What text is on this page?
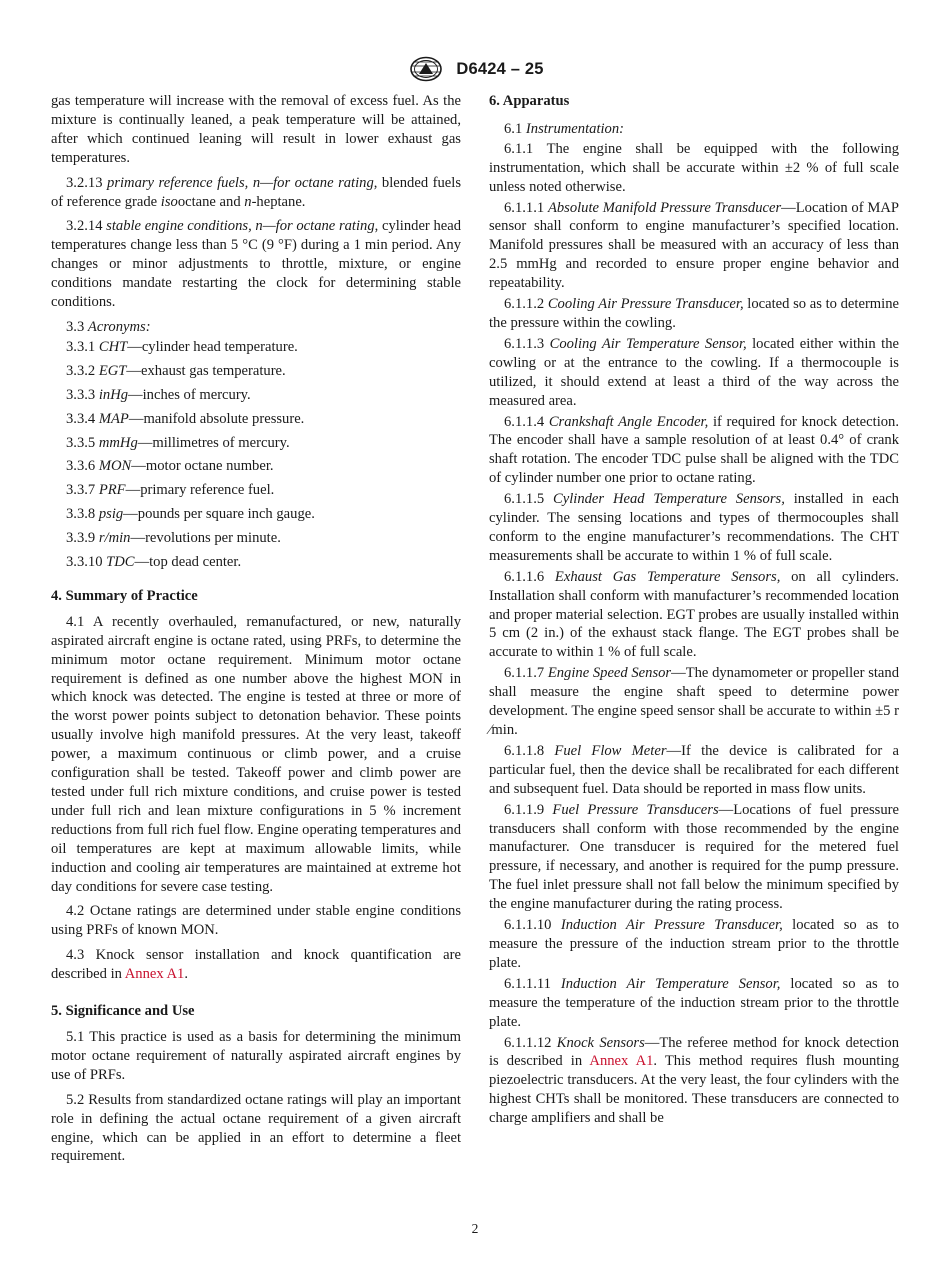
D6424 – 25

gas temperature will increase with the removal of excess fuel. As the mixture is continually leaned, a peak temperature will be attained, after which continued leaning will result in lower exhaust gas temperatures.

3.2.13 primary reference fuels, n—for octane rating, blended fuels of reference grade isooctane and n-heptane.

3.2.14 stable engine conditions, n—for octane rating, cylinder head temperatures change less than 5 °C (9 °F) during a 1 min period. Any changes or minor adjustments to throttle, mixture, or engine conditions mandate restarting the clock for determining stable conditions.

3.3 Acronyms:

3.3.1 CHT—cylinder head temperature.

3.3.2 EGT—exhaust gas temperature.

3.3.3 inHg—inches of mercury.

3.3.4 MAP—manifold absolute pressure.

3.3.5 mmHg—millimetres of mercury.

3.3.6 MON—motor octane number.

3.3.7 PRF—primary reference fuel.

3.3.8 psig—pounds per square inch gauge.

3.3.9 r/min—revolutions per minute.

3.3.10 TDC—top dead center.

4. Summary of Practice

4.1 A recently overhauled, remanufactured, or new, naturally aspirated aircraft engine is octane rated, using PRFs, to determine the minimum motor octane requirement. Minimum motor octane requirement is defined as one number above the highest MON in which knock was detected. The engine is tested at three or more of the worst power points subject to detonation behavior. These points usually involve high manifold pressures. At the very least, takeoff power, a maximum continuous or climb power, and a cruise configuration shall be tested. Takeoff power and climb power are tested under full rich mixture conditions, and cruise power is tested under full rich and lean mixture configurations in 5 % increment reductions from full rich fuel flow. Engine operating temperatures and oil temperatures are kept at maximum allowable limits, while induction and cooling air temperatures are maintained at extreme hot day conditions for severe case testing.

4.2 Octane ratings are determined under stable engine conditions using PRFs of known MON.

4.3 Knock sensor installation and knock quantification are described in Annex A1.

5. Significance and Use

5.1 This practice is used as a basis for determining the minimum motor octane requirement of naturally aspirated aircraft engines by use of PRFs.

5.2 Results from standardized octane ratings will play an important role in defining the actual octane requirement of a given aircraft engine, which can be applied in an effort to determine a fleet requirement.

6. Apparatus

6.1 Instrumentation:

6.1.1 The engine shall be equipped with the following instrumentation, which shall be accurate within ±2 % of full scale unless noted otherwise.

6.1.1.1 Absolute Manifold Pressure Transducer—Location of MAP sensor shall conform to engine manufacturer’s specified location. Manifold pressures shall be measured with an accuracy of less than 2.5 mmHg and recorded to ensure proper engine behavior and repeatability.

6.1.1.2 Cooling Air Pressure Transducer, located so as to determine the pressure within the cowling.

6.1.1.3 Cooling Air Temperature Sensor, located either within the cowling or at the entrance to the cowling. If a thermocouple is utilized, it should extend at least a third of the way across the measured area.

6.1.1.4 Crankshaft Angle Encoder, if required for knock detection. The encoder shall have a sample resolution of at least 0.4° of crank shaft rotation. The encoder TDC pulse shall be aligned with the TDC of cylinder number one prior to octane rating.

6.1.1.5 Cylinder Head Temperature Sensors, installed in each cylinder. The sensing locations and types of thermocouples shall conform to the engine manufacturer’s recommendations. The CHT measurements shall be accurate to within 1 % of full scale.

6.1.1.6 Exhaust Gas Temperature Sensors, on all cylinders. Installation shall conform with manufacturer’s recommended location and proper material selection. EGT probes are usually installed within 5 cm (2 in.) of the exhaust stack flange. The EGT probes shall be accurate to within 1 % of full scale.

6.1.1.7 Engine Speed Sensor—The dynamometer or propeller stand shall measure the engine shaft speed to determine power development. The engine speed sensor shall be accurate to within ±5 r ⁄min.

6.1.1.8 Fuel Flow Meter—If the device is calibrated for a particular fuel, then the device shall be recalibrated for each different and subsequent fuel. Data should be reported in mass flow units.

6.1.1.9 Fuel Pressure Transducers—Locations of fuel pressure transducers shall conform with those recommended by the engine manufacturer. One transducer is required for the metered fuel pressure, if necessary, and another is required for the pump pressure. The fuel inlet pressure shall not fall below the minimum specified by the engine manufacturer during the rating process.

6.1.1.10 Induction Air Pressure Transducer, located so as to measure the pressure of the induction stream prior to the throttle plate.

6.1.1.11 Induction Air Temperature Sensor, located so as to measure the temperature of the induction stream prior to the throttle plate.

6.1.1.12 Knock Sensors—The referee method for knock detection is described in Annex A1. This method requires flush mounting piezoelectric transducers. At the very least, the four cylinders with the highest CHTs shall be monitored. These transducers are connected to charge amplifiers and shall be

2
